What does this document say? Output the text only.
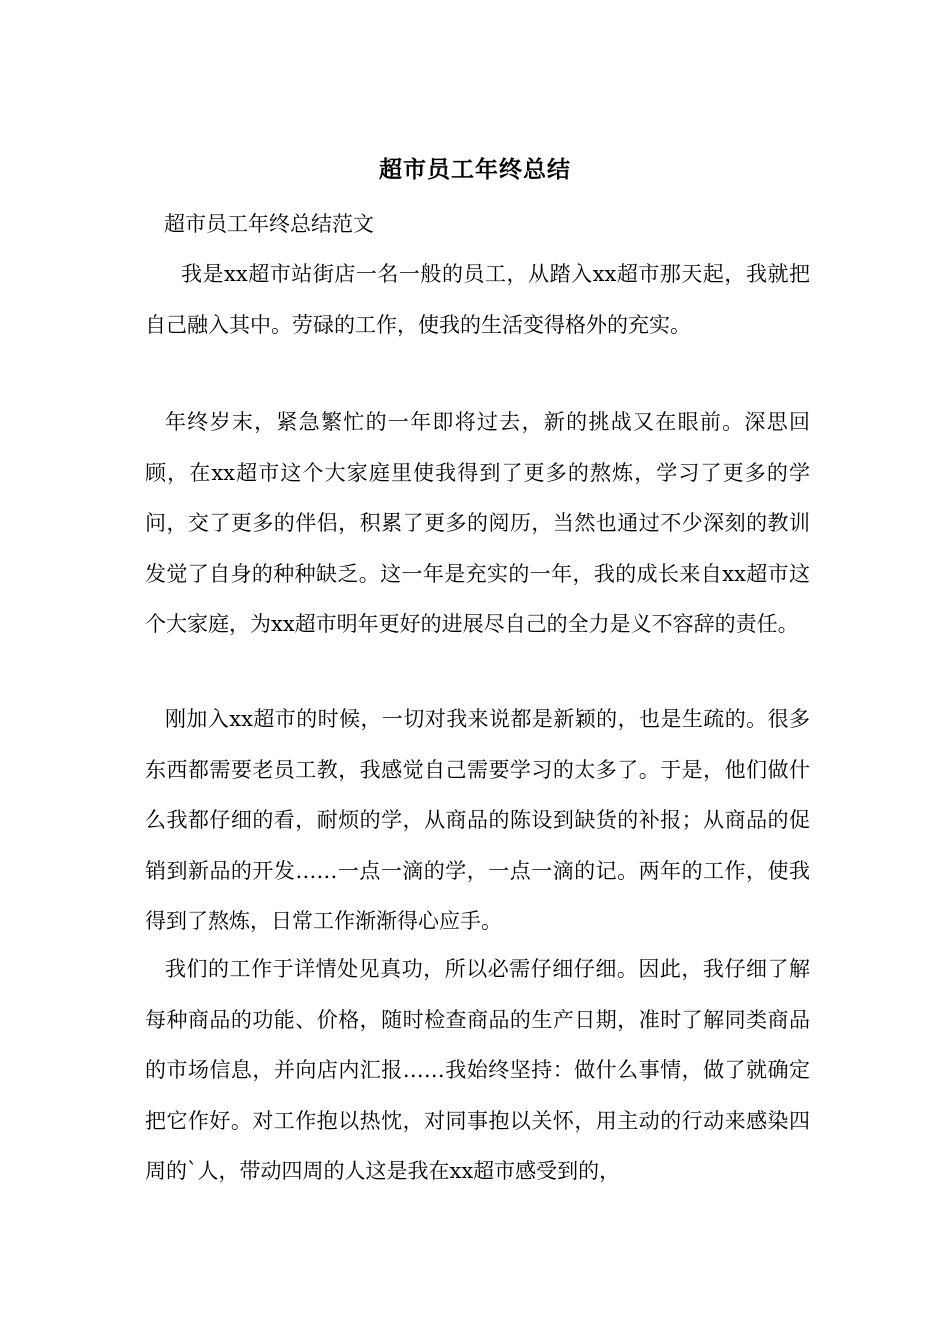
超市员工年终总结
超市员工年终总结范文
我是xx超市站街店一名一般的员工，从踏入xx超市那天起，我就把自己融入其中。劳碌的工作，使我的生活变得格外的充实。
年终岁末，紧急繁忙的一年即将过去，新的挑战又在眼前。深思回顾，在xx超市这个大家庭里使我得到了更多的熬炼，学习了更多的学问，交了更多的伴侣，积累了更多的阅历，当然也通过不少深刻的教训发觉了自身的种种缺乏。这一年是充实的一年，我的成长来自xx超市这个大家庭，为xx超市明年更好的进展尽自己的全力是义不容辞的责任。
刚加入xx超市的时候，一切对我来说都是新颖的，也是生疏的。很多东西都需要老员工教，我感觉自己需要学习的太多了。于是，他们做什么我都仔细的看，耐烦的学，从商品的陈设到缺货的补报；从商品的促销到新品的开发……一点一滴的学，一点一滴的记。两年的工作，使我得到了熬炼，日常工作渐渐得心应手。
我们的工作于详情处见真功，所以必需仔细仔细。因此，我仔细了解每种商品的功能、价格，随时检查商品的生产日期，准时了解同类商品的市场信息，并向店内汇报……我始终坚持：做什么事情，做了就确定把它作好。对工作抱以热忱，对同事抱以关怀，用主动的行动来感染四周的`人，带动四周的人这是我在xx超市感受到的，
